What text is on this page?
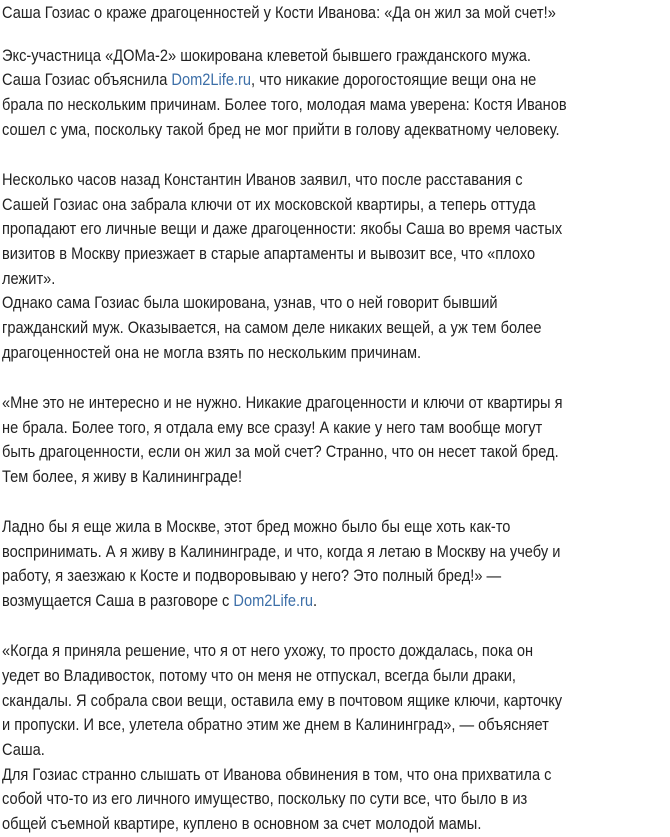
Саша Гозиас о краже драгоценностей у Кости Иванова: «Да он жил за мой счет!»
Экс-участница «ДОМа-2» шокирована клеветой бывшего гражданского мужа.
Саша Гозиас объяснила Dom2Life.ru, что никакие дорогостоящие вещи она не
брала по нескольким причинам. Более того, молодая мама уверена: Костя Иванов
сошел с ума, поскольку такой бред не мог прийти в голову адекватному человеку.
Несколько часов назад Константин Иванов заявил, что после расставания с
Сашей Гозиас она забрала ключи от их московской квартиры, а теперь оттуда
пропадают его личные вещи и даже драгоценности: якобы Саша во время частых
визитов в Москву приезжает в старые апартаменты и вывозит все, что «плохо
лежит».
Однако сама Гозиас была шокирована, узнав, что о ней говорит бывший
гражданский муж. Оказывается, на самом деле никаких вещей, а уж тем более
драгоценностей она не могла взять по нескольким причинам.
«Мне это не интересно и не нужно. Никакие драгоценности и ключи от квартиры я
не брала. Более того, я отдала ему все сразу! А какие у него там вообще могут
быть драгоценности, если он жил за мой счет? Странно, что он несет такой бред.
Тем более, я живу в Калининграде!
Ладно бы я еще жила в Москве, этот бред можно было бы еще хоть как-то
воспринимать. А я живу в Калининграде, и что, когда я летаю в Москву на учебу и
работу, я заезжаю к Косте и подворовываю у него? Это полный бред!» —
возмущается Саша в разговоре с Dom2Life.ru.
«Когда я приняла решение, что я от него ухожу, то просто дождалась, пока он
уедет во Владивосток, потому что он меня не отпускал, всегда были драки,
скандалы. Я собрала свои вещи, оставила ему в почтовом ящике ключи, карточку
и пропуски. И все, улетела обратно этим же днем в Калининград», — объясняет
Саша.
Для Гозиас странно слышать от Иванова обвинения в том, что она прихватила с
собой что-то из его личного имущество, поскольку по сути все, что было в из
общей съемной квартире, куплено в основном за счет молодой мамы.
